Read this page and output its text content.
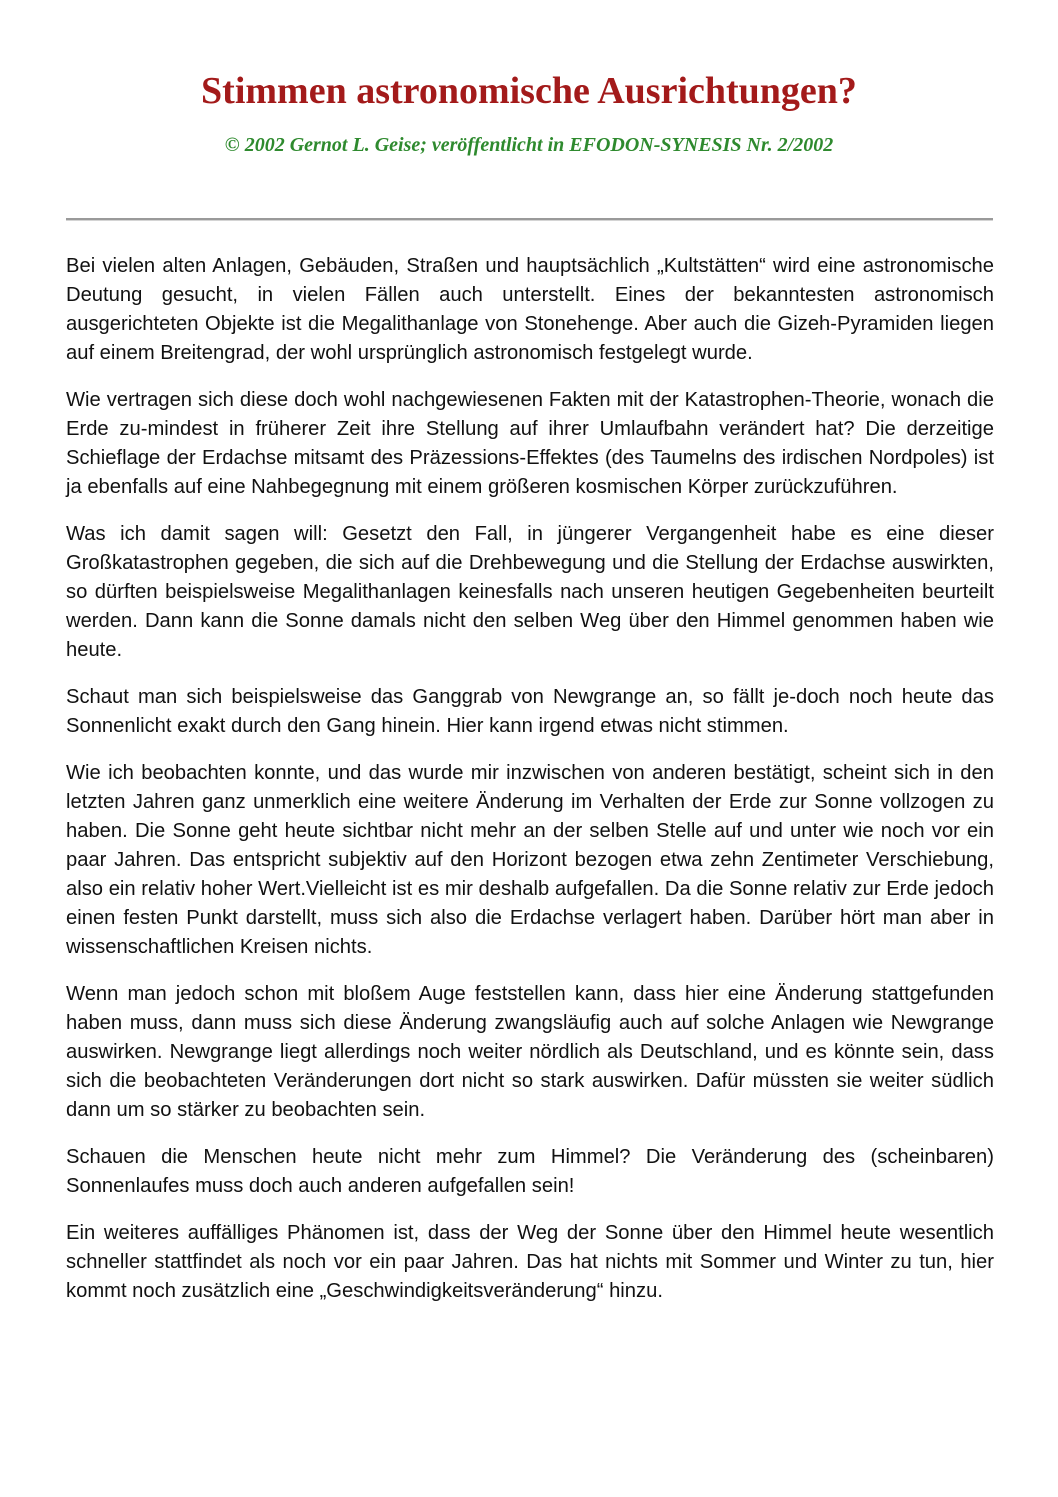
Stimmen astronomische Ausrichtungen?
© 2002 Gernot L. Geise; veröffentlicht in EFODON-SYNESIS Nr. 2/2002

Bei vielen alten Anlagen, Gebäuden, Straßen und hauptsächlich „Kultstätten“ wird eine astronomische Deutung gesucht, in vielen Fällen auch unterstellt. Eines der bekanntesten astronomisch ausgerichteten Objekte ist die Megalithanlage von Stonehenge. Aber auch die Gizeh-Pyramiden liegen auf einem Breitengrad, der wohl ursprünglich astronomisch festgelegt wurde.

Wie vertragen sich diese doch wohl nachgewiesenen Fakten mit der Katastrophen-Theorie, wonach die Erde zu-mindest in früherer Zeit ihre Stellung auf ihrer Umlaufbahn verändert hat? Die derzeitige Schieflage der Erdachse mitsamt des Präzessions-Effektes (des Taumelns des irdischen Nordpoles) ist ja ebenfalls auf eine Nahbegegnung mit einem größeren kosmischen Körper zurückzuführen.

Was ich damit sagen will: Gesetzt den Fall, in jüngerer Vergangenheit habe es eine dieser Großkatastrophen gegeben, die sich auf die Drehbewegung und die Stellung der Erdachse auswirkten, so dürften beispielsweise Megalithanlagen keinesfalls nach unseren heutigen Gegebenheiten beurteilt werden. Dann kann die Sonne damals nicht den selben Weg über den Himmel genommen haben wie heute.

Schaut man sich beispielsweise das Ganggrab von Newgrange an, so fällt je-doch noch heute das Sonnenlicht exakt durch den Gang hinein. Hier kann irgend etwas nicht stimmen.

Wie ich beobachten konnte, und das wurde mir inzwischen von anderen bestätigt, scheint sich in den letzten Jahren ganz unmerklich eine weitere Änderung im Verhalten der Erde zur Sonne vollzogen zu haben. Die Sonne geht heute sichtbar nicht mehr an der selben Stelle auf und unter wie noch vor ein paar Jahren. Das entspricht subjektiv auf den Horizont bezogen etwa zehn Zentimeter Verschiebung, also ein relativ hoher Wert.Vielleicht ist es mir deshalb aufgefallen. Da die Sonne relativ zur Erde jedoch einen festen Punkt darstellt, muss sich also die Erdachse verlagert haben. Darüber hört man aber in wissenschaftlichen Kreisen nichts.

Wenn man jedoch schon mit bloßem Auge feststellen kann, dass hier eine Änderung stattgefunden haben muss, dann muss sich diese Änderung zwangsläufig auch auf solche Anlagen wie Newgrange auswirken. Newgrange liegt allerdings noch weiter nördlich als Deutschland, und es könnte sein, dass sich die beobachteten Veränderungen dort nicht so stark auswirken. Dafür müssten sie weiter südlich dann um so stärker zu beobachten sein.

Schauen die Menschen heute nicht mehr zum Himmel? Die Veränderung des (scheinbaren) Sonnenlaufes muss doch auch anderen aufgefallen sein!

Ein weiteres auffälliges Phänomen ist, dass der Weg der Sonne über den Himmel heute wesentlich schneller stattfindet als noch vor ein paar Jahren. Das hat nichts mit Sommer und Winter zu tun, hier kommt noch zusätzlich eine „Geschwindigkeitsveränderung“ hinzu.
